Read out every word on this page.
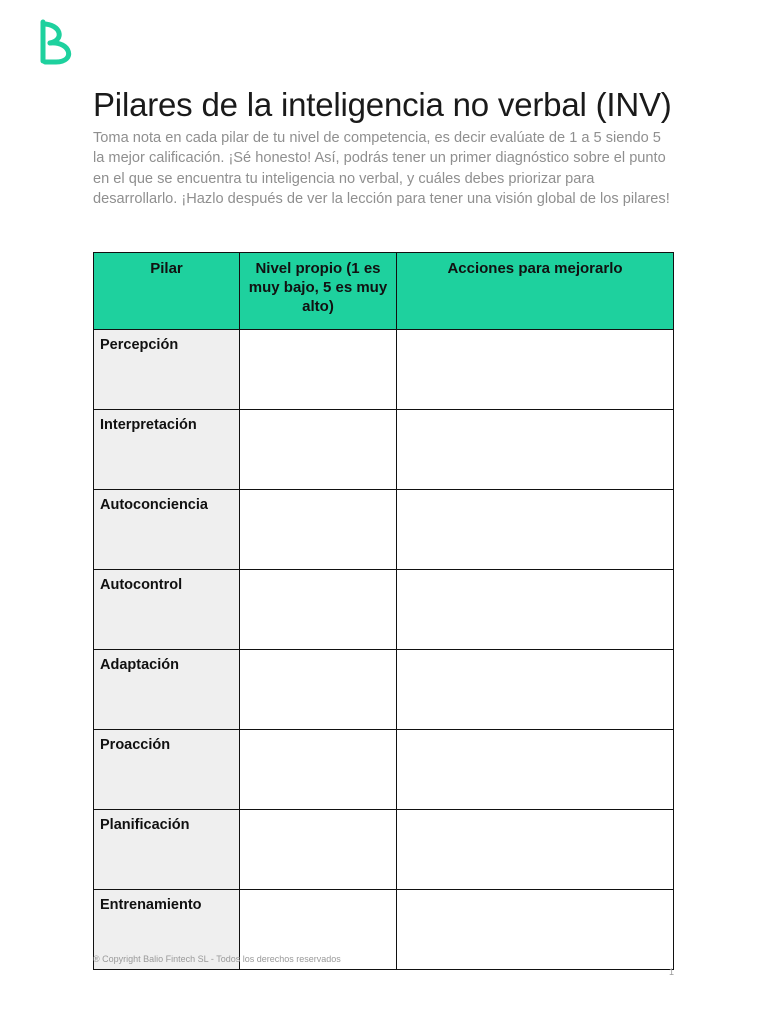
Pilares de la inteligencia no verbal (INV)

Toma nota en cada pilar de tu nivel de competencia, es decir evalúate de 1 a 5 siendo 5 la mejor calificación. ¡Sé honesto! Así, podrás tener un primer diagnóstico sobre el punto en el que se encuentra tu inteligencia no verbal, y cuáles debes priorizar para desarrollarlo. ¡Hazlo después de ver la lección para tener una visión global de los pilares!

Pilar	Nivel propio (1 es muy bajo, 5 es muy alto)	Acciones para mejorarlo
Percepción		
Interpretación		
Autoconciencia		
Autocontrol		
Adaptación		
Proacción		
Planificación		
Entrenamiento		
® Copyright Balio Fintech SL - Todos los derechos reservados
1
